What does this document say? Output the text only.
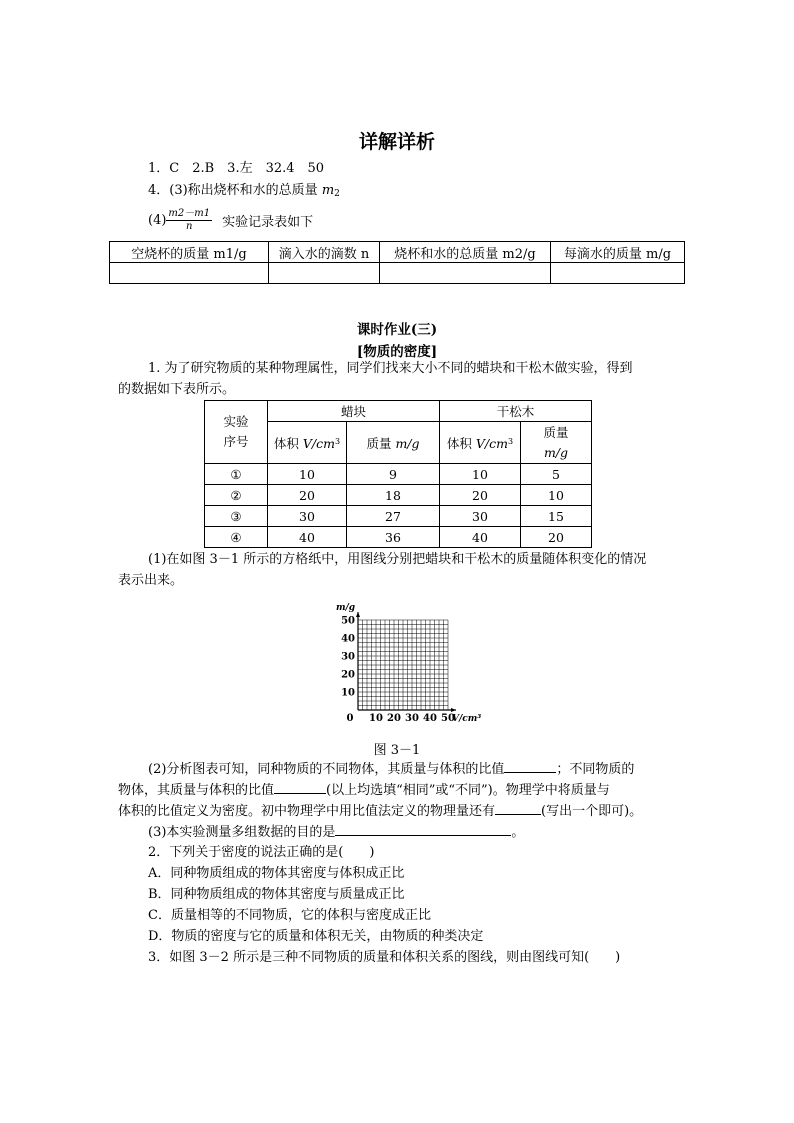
详解详析
1．C　2.B　3.左　32.4　50
4．(3)称出烧杯和水的总质量 $m_2$
$(4) \frac{m2-m1}{n}$ 实验记录表如下
空烧杯的质量 m1/g	滴入水的滴数 n	烧杯和水的总质量 m2/g	每滴水的质量 m/g

课时作业(三)
[物质的密度]
1. 为了研究物质的某种物理属性，同学们找来大小不同的蜡块和干松木做实验，得到
的数据如下表所示。
实验
序号	蜡块		干松木	
	体积 $V/cm^3$	质量 m/g	体积 $V/cm^3$	质量
m/g

①	10	9	10	5
②	20	18	20	10
③	30	27	30	15
④	40	36	40	20
(1)在如图 3－1 所示的方格纸中，用图线分别把蜡块和干松木的质量随体积变化的情况
表示出来。
0 10 20 30 40 50
10
20
30
40
50
m/g
V/cm³
图 3－1
(2)分析图表可知，同种物质的不同物体，其质量与体积的比值	；不同物质的
物体，其质量与体积的比值	(以上均选填“相同”或“不同”)。物理学中将质量与
体积的比值定义为密度。初中物理学中用比值法定义的物理量还有	(写出一个即可)。
(3)本实验测量多组数据的目的是	。
2．下列关于密度的说法正确的是(　　)
A．同种物质组成的物体其密度与体积成正比
B．同种物质组成的物体其密度与质量成正比
C．质量相等的不同物质，它的体积与密度成正比
D．物质的密度与它的质量和体积无关，由物质的种类决定
3．如图 3－2 所示是三种不同物质的质量和体积关系的图线，则由图线可知(　　)
